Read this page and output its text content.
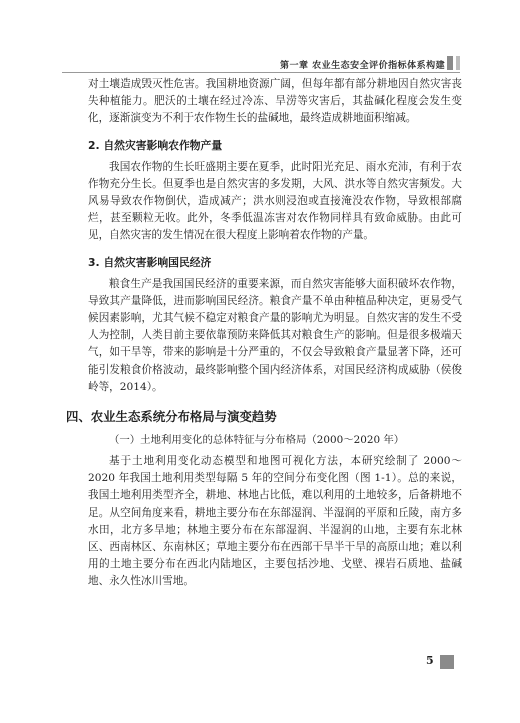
第一章 农业生态安全评价指标体系构建

对土壤造成毁灭性危害。我国耕地资源广阔，但每年都有部分耕地因自然灾害丧失种植能力。肥沃的土壤在经过冷冻、旱涝等灾害后，其盐碱化程度会发生变化，逐渐演变为不利于农作物生长的盐碱地，最终造成耕地面积缩减。

2. 自然灾害影响农作物产量

我国农作物的生长旺盛期主要在夏季，此时阳光充足、雨水充沛，有利于农作物充分生长。但夏季也是自然灾害的多发期，大风、洪水等自然灾害频发。大风易导致农作物倒伏，造成减产；洪水则浸泡或直接淹没农作物，导致根部腐烂，甚至颗粒无收。此外，冬季低温冻害对农作物同样具有致命威胁。由此可见，自然灾害的发生情况在很大程度上影响着农作物的产量。

3. 自然灾害影响国民经济

粮食生产是我国国民经济的重要来源，而自然灾害能够大面积破坏农作物，导致其产量降低，进而影响国民经济。粮食产量不单由种植品种决定，更易受气候因素影响，尤其气候不稳定对粮食产量的影响尤为明显。自然灾害的发生不受人为控制，人类目前主要依靠预防来降低其对粮食生产的影响。但是很多极端天气，如干旱等，带来的影响是十分严重的，不仅会导致粮食产量显著下降，还可能引发粮食价格波动，最终影响整个国内经济体系，对国民经济构成威胁（侯俊岭等，2014）。

四、农业生态系统分布格局与演变趋势
（一）土地利用变化的总体特征与分布格局（2000～2020 年）

基于土地利用变化动态模型和地图可视化方法，本研究绘制了 2000～2020 年我国土地利用类型每隔 5 年的空间分布变化图（图 1-1）。总的来说，我国土地利用类型齐全，耕地、林地占比低，难以利用的土地较多，后备耕地不足。从空间角度来看，耕地主要分布在东部湿润、半湿润的平原和丘陵，南方多水田，北方多旱地；林地主要分布在东部湿润、半湿润的山地，主要有东北林区、西南林区、东南林区；草地主要分布在西部干旱半干旱的高原山地；难以利用的土地主要分布在西北内陆地区，主要包括沙地、戈壁、裸岩石质地、盐碱地、永久性冰川雪地。

5
